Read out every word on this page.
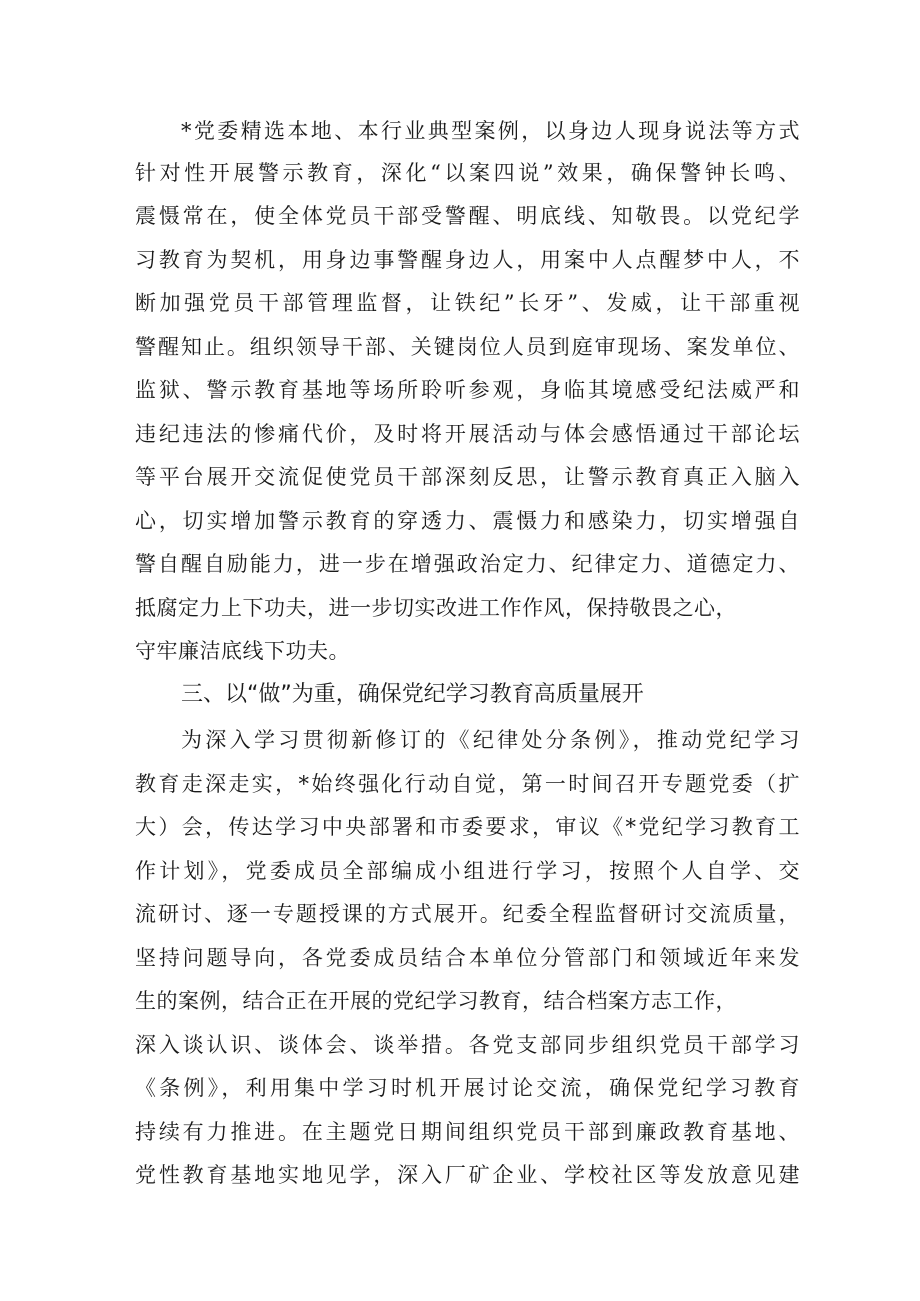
*党委精选本地、本行业典型案例，以身边人现身说法等方式
针对性开展警示教育，深化“以案四说”效果，确保警钟长鸣、
震慑常在，使全体党员干部受警醒、明底线、知敬畏。以党纪学
习教育为契机，用身边事警醒身边人，用案中人点醒梦中人，不
断加强党员干部管理监督，让铁纪”长牙”、发威，让干部重视
警醒知止。组织领导干部、关键岗位人员到庭审现场、案发单位、
监狱、警示教育基地等场所聆听参观，身临其境感受纪法威严和
违纪违法的惨痛代价，及时将开展活动与体会感悟通过干部论坛
等平台展开交流促使党员干部深刻反思，让警示教育真正入脑入
心，切实增加警示教育的穿透力、震慑力和感染力，切实增强自
警自醒自励能力，进一步在增强政治定力、纪律定力、道德定力、
抵腐定力上下功夫，进一步切实改进工作作风，保持敬畏之心，
守牢廉洁底线下功夫。
三、以“做”为重，确保党纪学习教育高质量展开
为深入学习贯彻新修订的《纪律处分条例》，推动党纪学习
教育走深走实，*始终强化行动自觉，第一时间召开专题党委（扩
大）会，传达学习中央部署和市委要求，审议《*党纪学习教育工
作计划》，党委成员全部编成小组进行学习，按照个人自学、交
流研讨、逐一专题授课的方式展开。纪委全程监督研讨交流质量，
坚持问题导向，各党委成员结合本单位分管部门和领域近年来发
生的案例，结合正在开展的党纪学习教育，结合档案方志工作，
深入谈认识、谈体会、谈举措。各党支部同步组织党员干部学习
《条例》，利用集中学习时机开展讨论交流，确保党纪学习教育
持续有力推进。在主题党日期间组织党员干部到廉政教育基地、
党性教育基地实地见学，深入厂矿企业、学校社区等发放意见建
